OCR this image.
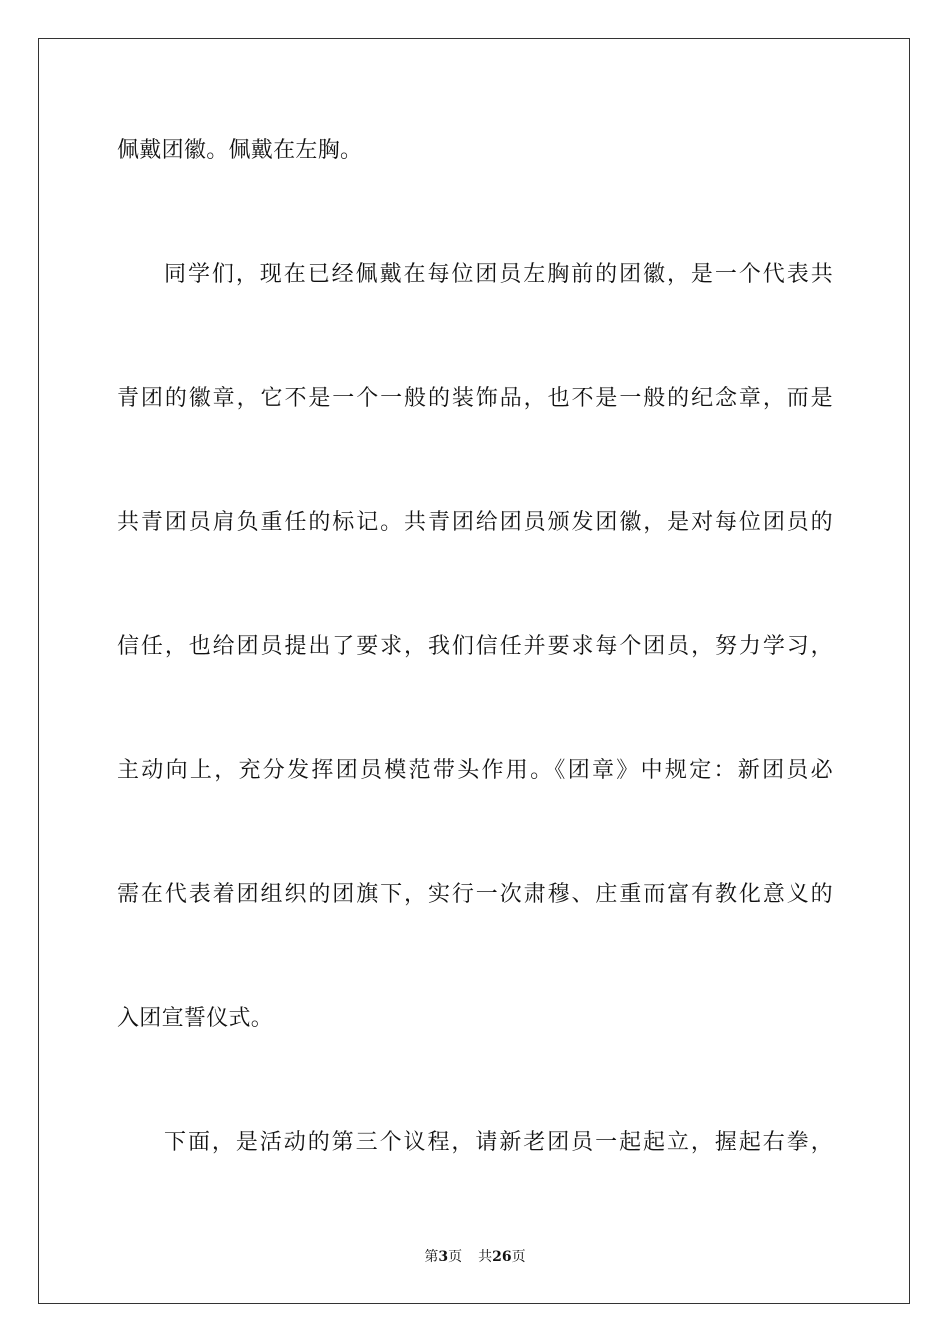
佩戴团徽。佩戴在左胸。
同学们，现在已经佩戴在每位团员左胸前的团徽，是一个代表共
青团的徽章，它不是一个一般的装饰品，也不是一般的纪念章，而是
共青团员肩负重任的标记。共青团给团员颁发团徽，是对每位团员的
信任，也给团员提出了要求，我们信任并要求每个团员，努力学习，
主动向上，充分发挥团员模范带头作用。《团章》中规定：新团员必
需在代表着团组织的团旗下，实行一次肃穆、庄重而富有教化意义的
入团宣誓仪式。
下面，是活动的第三个议程，请新老团员一起起立，握起右拳，
第3页 共26页
